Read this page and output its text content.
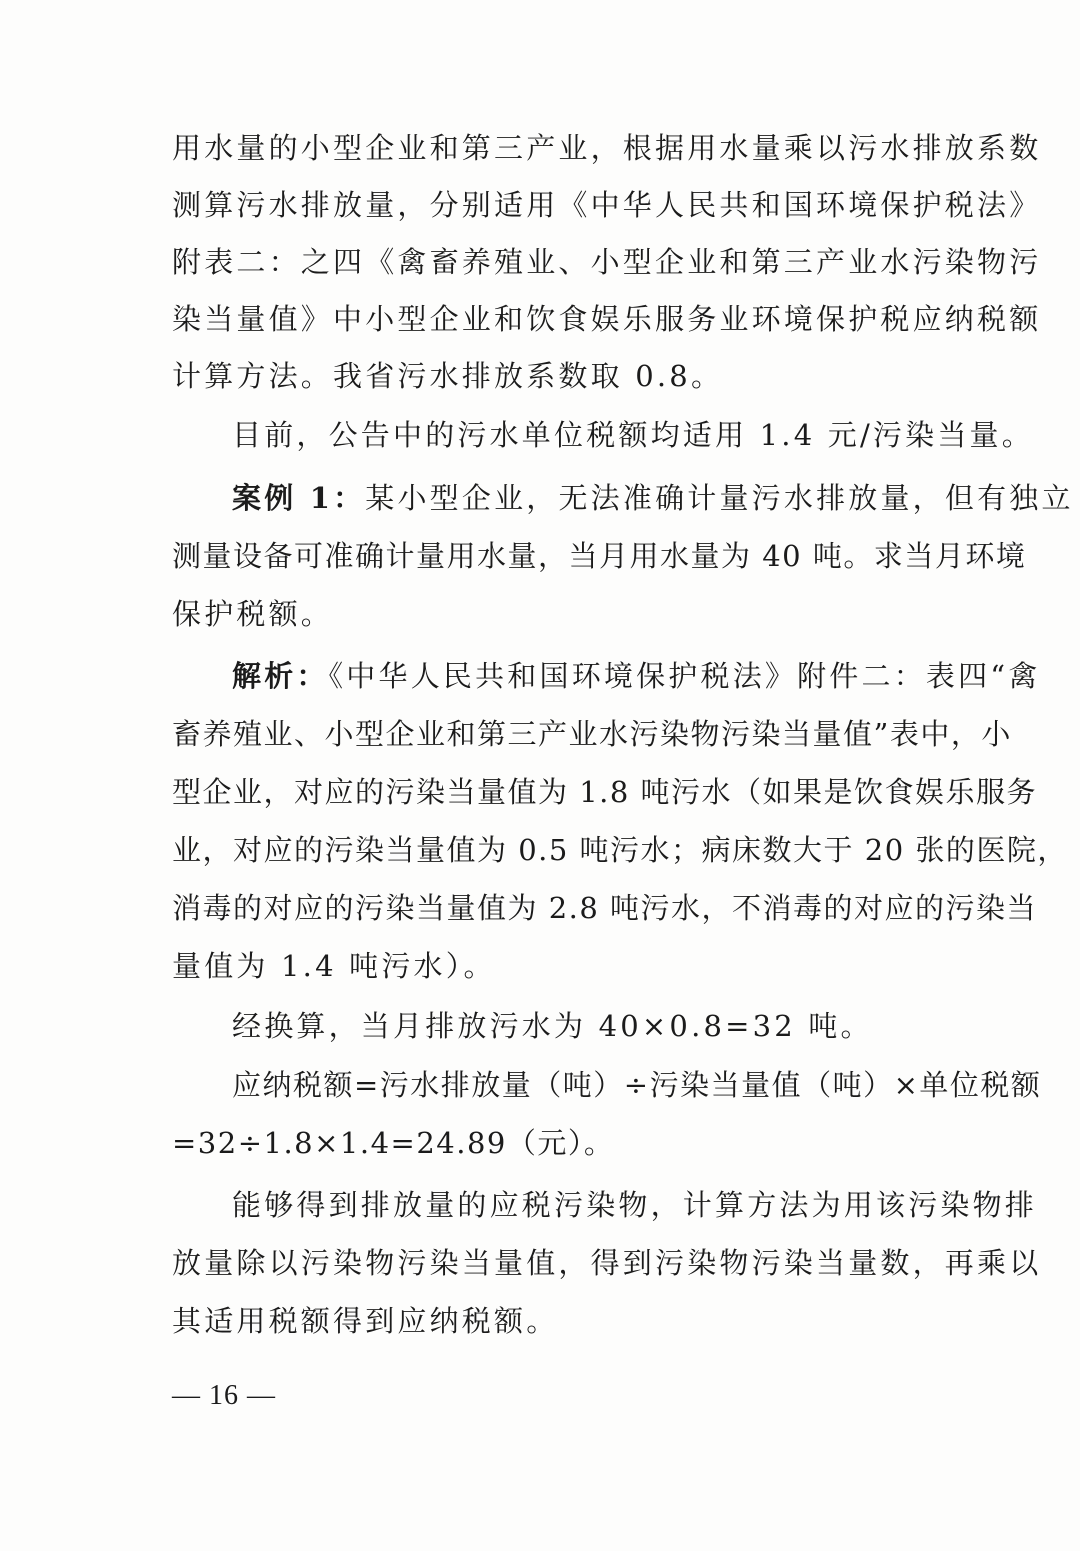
用水量的小型企业和第三产业，根据用水量乘以污水排放系数
测算污水排放量，分别适用《中华人民共和国环境保护税法》
附表二：之四《禽畜养殖业、小型企业和第三产业水污染物污
染当量值》中小型企业和饮食娱乐服务业环境保护税应纳税额
计算方法。我省污水排放系数取 0.8。
目前，公告中的污水单位税额均适用 1.4 元/污染当量。
案例 1：某小型企业，无法准确计量污水排放量，但有独立
测量设备可准确计量用水量，当月用水量为 40 吨。求当月环境
保护税额。
解析：《中华人民共和国环境保护税法》附件二：表四“禽
畜养殖业、小型企业和第三产业水污染物污染当量值”表中，小
型企业，对应的污染当量值为 1.8 吨污水（如果是饮食娱乐服务
业，对应的污染当量值为 0.5 吨污水；病床数大于 20 张的医院，
消毒的对应的污染当量值为 2.8 吨污水，不消毒的对应的污染当
量值为 1.4 吨污水）。
经换算，当月排放污水为 40×0.8=32 吨。
应纳税额=污水排放量（吨）÷污染当量值（吨）×单位税额
=32÷1.8×1.4=24.89（元）。
能够得到排放量的应税污染物，计算方法为用该污染物排
放量除以污染物污染当量值，得到污染物污染当量数，再乘以
其适用税额得到应纳税额。
— 16 —
